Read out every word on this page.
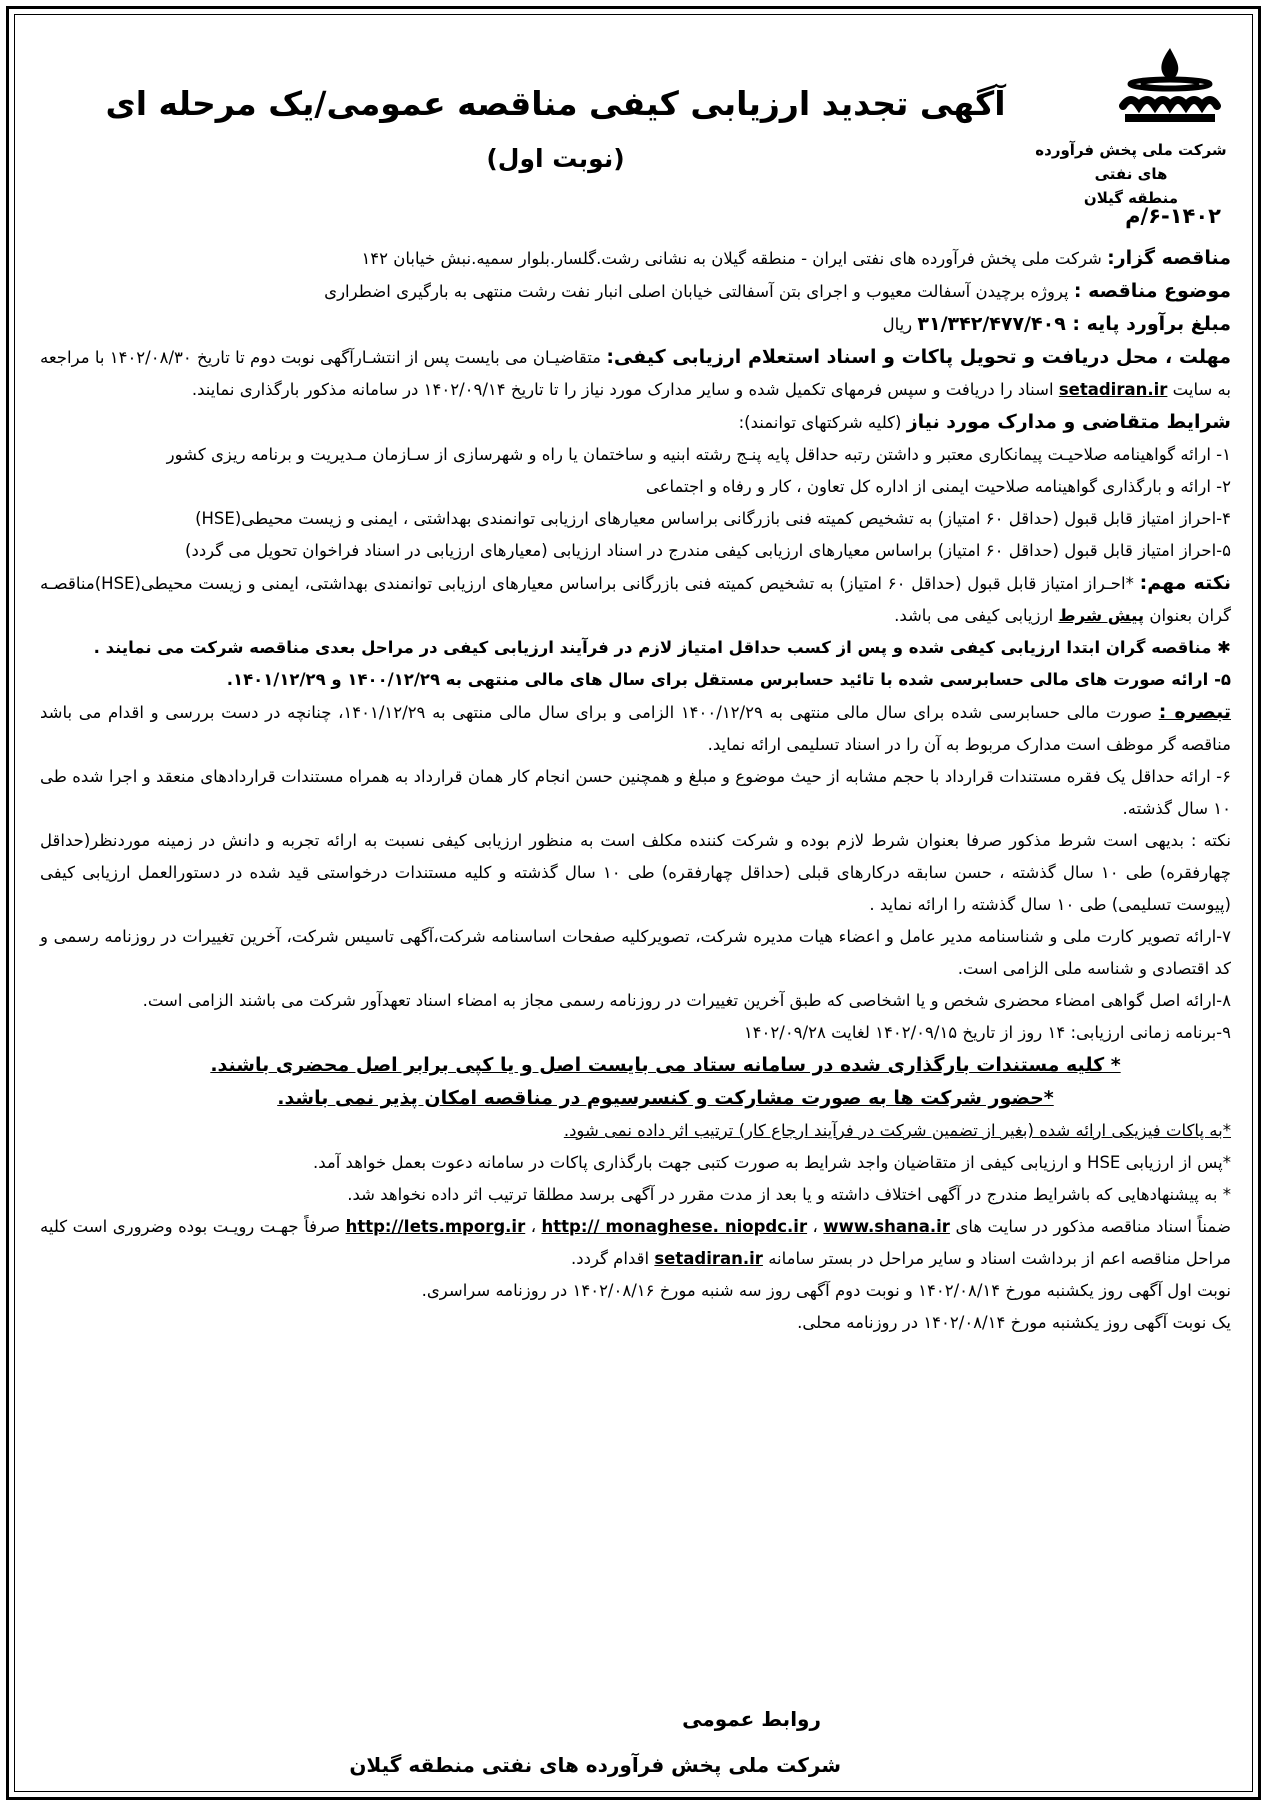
شرکت ملی پخش فرآورده های نفتی
منطقه گیلان
آگهی تجدید ارزیابی کیفی مناقصه عمومی/یک مرحله ای
(نوبت اول)
۶-۱۴۰۲/م

مناقصه گزار: شرکت ملی پخش فرآورده های نفتی ایران - منطقه گیلان به نشانی رشت.گلسار.بلوار سمیه.نبش خیابان ۱۴۲

موضوع مناقصه : پروژه برچیدن آسفالت معیوب و اجرای بتن آسفالتی خیابان اصلی انبار نفت رشت منتهی به بارگیری اضطراری

مبلغ برآورد پایه : ۳۱/۳۴۲/۴۷۷/۴۰۹ ریال

مهلت ، محل دریافت و تحویل پاکات و اسناد استعلام ارزیابی کیفی: متقاضیـان می بایست پس از انتشـارآگهی نوبت دوم تا تاریخ ۱۴۰۲/۰۸/۳۰ با مراجعه به سایت setadiran.ir اسناد را دریافت و سپس فرمهای تکمیل شده و سایر مدارک مورد نیاز را تا تاریخ ۱۴۰۲/۰۹/۱۴ در سامانه مذکور بارگذاری نمایند.

شرایط متقاضی و مدارک مورد نیاز (کلیه شرکتهای توانمند):

۱- ارائه گواهینامه صلاحیـت پیمانکاری معتبر و داشتن رتبه حداقل پایه پنـج رشته ابنیه و ساختمان یا راه و شهرسازی از سـازمان مـدیریت و برنامه ریزی کشور

۲- ارائه و بارگذاری گواهینامه صلاحیت ایمنی از اداره کل تعاون ، کار و رفاه و اجتماعی

۴-احراز امتیاز قابل قبول (حداقل ۶۰ امتیاز) به تشخیص کمیته فنی بازرگانی براساس معیارهای ارزیابی توانمندی بهداشتی ، ایمنی و زیست محیطی(HSE)

۵-احراز امتیاز قابل قبول (حداقل ۶۰ امتیاز) براساس معیارهای ارزیابی کیفی مندرج در اسناد ارزیابی (معیارهای ارزیابی در اسناد فراخوان تحویل می گردد)

نکته مهم: *احـراز امتیاز قابل قبول (حداقل ۶۰ امتیاز) به تشخیص کمیته فنی بازرگانی براساس معیارهای ارزیابی توانمندی بهداشتی، ایمنی و زیست محیطی(HSE)مناقصـه گران بعنوان پیش شرط ارزیابی کیفی می باشد.

✱ مناقصه گران ابتدا ارزیابی کیفی شده و پس از کسب حداقل امتیاز لازم در فرآیند ارزیابی کیفی در مراحل بعدی مناقصه شرکت می نمایند .

۵- ارائه صورت های مالی حسابرسی شده با تائید حسابرس مستقل برای سال های مالی منتهی به ۱۴۰۰/۱۲/۲۹ و ۱۴۰۱/۱۲/۲۹.

تبصره : صورت مالی حسابرسی شده برای سال مالی منتهی به ۱۴۰۰/۱۲/۲۹ الزامی و برای سال مالی منتهی به ۱۴۰۱/۱۲/۲۹، چنانچه در دست بررسی و اقدام می باشد مناقصه گر موظف است مدارک مربوط به آن را در اسناد تسلیمی ارائه نماید.

۶- ارائه حداقل یک فقره مستندات قرارداد با حجم مشابه از حیث موضوع و مبلغ و همچنین حسن انجام کار همان قرارداد به همراه مستندات قراردادهای منعقد و اجرا شده طی ۱۰ سال گذشته.

نکته : بدیهی است شرط مذکور صرفا بعنوان شرط لازم بوده و شرکت کننده مکلف است به منظور ارزیابی کیفی نسبت به ارائه تجربه و دانش در زمینه موردنظر(حداقل چهارفقره) طی ۱۰ سال گذشته ، حسن سابقه درکارهای قبلی (حداقل چهارفقره) طی ۱۰ سال گذشته و کلیه مستندات درخواستی قید شده در دستورالعمل ارزیابی کیفی (پیوست تسلیمی) طی ۱۰ سال گذشته را ارائه نماید .

۷-ارائه تصویر کارت ملی و شناسنامه مدیر عامل و اعضاء هیات مدیره شرکت، تصویرکلیه صفحات اساسنامه شرکت،آگهی تاسیس شرکت، آخرین تغییرات در روزنامه رسمی و کد اقتصادی و شناسه ملی الزامی است.

۸-ارائه اصل گواهی امضاء محضری شخص و یا اشخاصی که طبق آخرین تغییرات در روزنامه رسمی مجاز به امضاء اسناد تعهدآور شرکت می باشند الزامی است.

۹-برنامه زمانی ارزیابی: ۱۴ روز از تاریخ ۱۴۰۲/۰۹/۱۵ لغایت ۱۴۰۲/۰۹/۲۸

* کلیه مستندات بارگذاری شده در سامانه ستاد می بایست اصل و یا کپی برابر اصل محضری باشند.

*حضور شرکت ها به صورت مشارکت و کنسرسیوم در مناقصه امکان پذیر نمی باشد.

*به پاکات فیزیکی ارائه شده (بغیر از تضمین شرکت در فرآیند ارجاع کار) ترتیب اثر داده نمی شود.

*پس از ارزیابی HSE و ارزیابی کیفی از متقاضیان واجد شرایط به صورت کتبی جهت بارگذاری پاکات در سامانه دعوت بعمل خواهد آمد.

* به پیشنهادهایی که باشرایط مندرج در آگهی اختلاف داشته و یا بعد از مدت مقرر در آگهی برسد مطلقا ترتیب اثر داده نخواهد شد.

ضمناً اسناد مناقصه مذکور در سایت های http://Iets.mporg.ir ، http:// monaghese. niopdc.ir ، www.shana.ir صرفاً جهـت رویـت بوده وضروری است کلیه مراحل مناقصه اعم از برداشت اسناد و سایر مراحل در بستر سامانه setadiran.ir اقدام گردد.

نوبت اول آگهی روز یکشنبه مورخ ۱۴۰۲/۰۸/۱۴ و نوبت دوم آگهی روز سه شنبه مورخ ۱۴۰۲/۰۸/۱۶ در روزنامه سراسری.

یک نوبت آگهی روز یکشنبه مورخ ۱۴۰۲/۰۸/۱۴ در روزنامه محلی.

روابط عمومی
شرکت ملی پخش فرآورده های نفتی منطقه گیلان
